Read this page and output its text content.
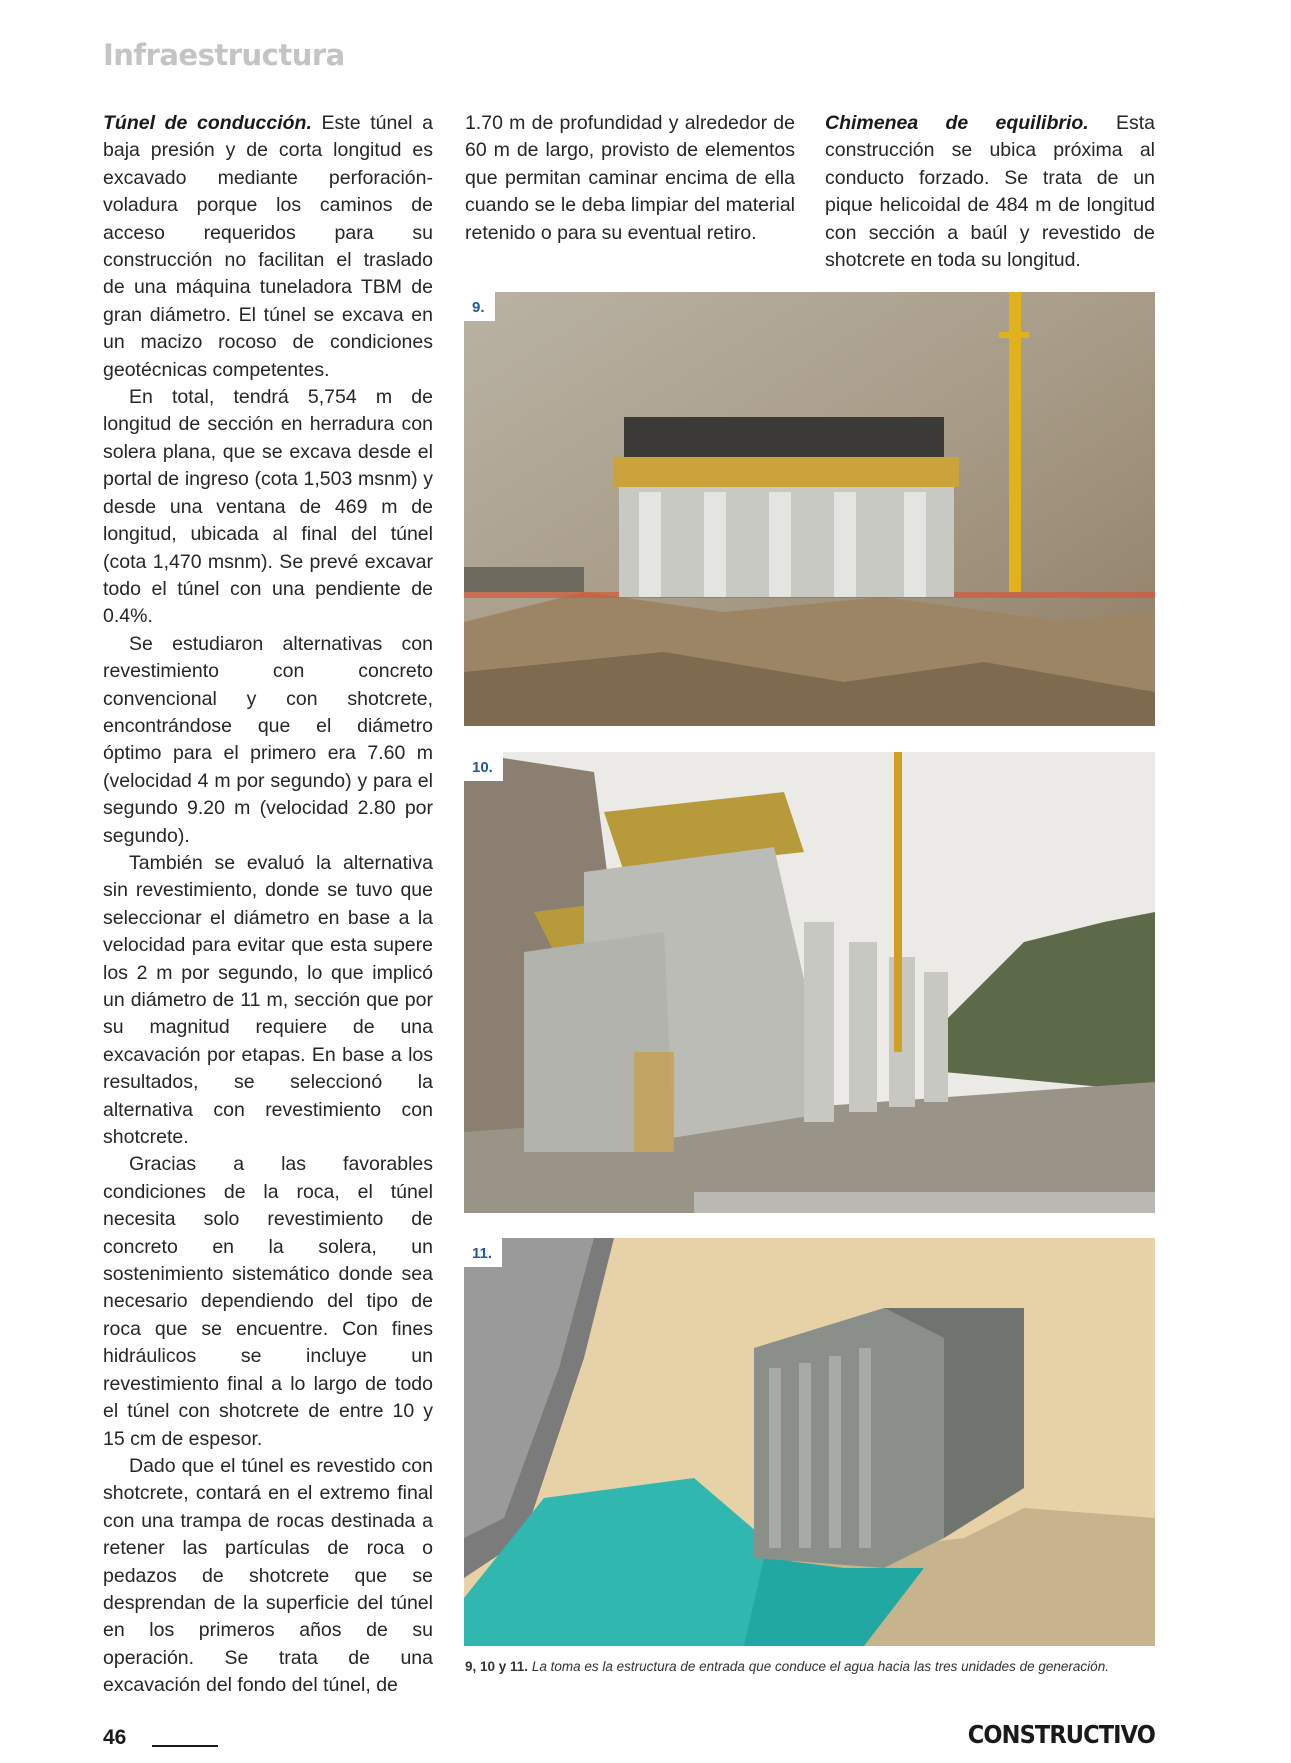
Infraestructura

Túnel de conducción. Este túnel a baja presión y de corta longitud es excavado mediante perforación-voladura porque los caminos de acceso requeridos para su construcción no facilitan el traslado de una máquina tuneladora TBM de gran diámetro. El túnel se excava en un macizo rocoso de condiciones geotécnicas competentes.

En total, tendrá 5,754 m de longitud de sección en herradura con solera plana, que se excava desde el portal de ingreso (cota 1,503 msnm) y desde una ventana de 469 m de longitud, ubicada al final del túnel (cota 1,470 msnm). Se prevé excavar todo el túnel con una pendiente de 0.4%.

Se estudiaron alternativas con revestimiento con concreto convencional y con shotcrete, encontrándose que el diámetro óptimo para el primero era 7.60 m (velocidad 4 m por segundo) y para el segundo 9.20 m (velocidad 2.80 por segundo).

También se evaluó la alternativa sin revestimiento, donde se tuvo que seleccionar el diámetro en base a la velocidad para evitar que esta supere los 2 m por segundo, lo que implicó un diámetro de 11 m, sección que por su magnitud requiere de una excavación por etapas. En base a los resultados, se seleccionó la alternativa con revestimiento con shotcrete.

Gracias a las favorables condiciones de la roca, el túnel necesita solo revestimiento de concreto en la solera, un sostenimiento sistemático donde sea necesario dependiendo del tipo de roca que se encuentre. Con fines hidráulicos se incluye un revestimiento final a lo largo de todo el túnel con shotcrete de entre 10 y 15 cm de espesor.

Dado que el túnel es revestido con shotcrete, contará en el extremo final con una trampa de rocas destinada a retener las partículas de roca o pedazos de shotcrete que se desprendan de la superficie del túnel en los primeros años de su operación. Se trata de una excavación del fondo del túnel, de

1.70 m de profundidad y alrededor de 60 m de largo, provisto de elementos que permitan caminar encima de ella cuando se le deba limpiar del material retenido o para su eventual retiro.

Chimenea de equilibrio. Esta construcción se ubica próxima al conducto forzado. Se trata de un pique helicoidal de 484 m de longitud con sección a baúl y revestido de shotcrete en toda su longitud.

9.
10.
11.
9, 10 y 11. La toma es la estructura de entrada que conduce el agua hacia las tres unidades de generación.
46	CONSTRUCTIVO
